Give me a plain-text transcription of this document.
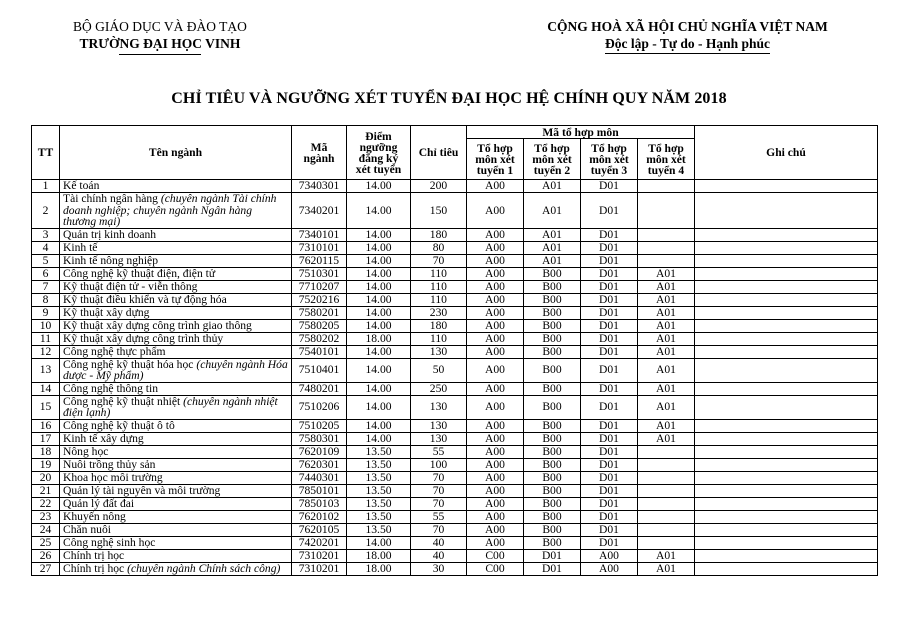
BỘ GIÁO DỤC VÀ ĐÀO TẠO
TRƯỜNG ĐẠI HỌC VINH
CỘNG HOÀ XÃ HỘI CHỦ NGHĨA VIỆT NAM
Độc lập - Tự do - Hạnh phúc
CHỈ TIÊU VÀ NGƯỠNG XÉT TUYỂN ĐẠI HỌC HỆ CHÍNH QUY NĂM 2018
TT	Tên ngành	Mã ngành	Điểm ngưỡng đăng ký xét tuyển	Chỉ tiêu	Mã tổ hợp môn				Ghi chú
					Tổ hợp môn xét tuyển 1	Tổ hợp môn xét tuyển 2	Tổ hợp môn xét tuyển 3	Tổ hợp môn xét tuyển 4	
1	Kế toán	7340301	14.00	200	A00	A01	D01		
2	Tài chính ngân hàng (chuyên ngành Tài chính doanh nghiệp; chuyên ngành Ngân hàng thương mại)	7340201	14.00	150	A00	A01	D01		
3	Quản trị kinh doanh	7340101	14.00	180	A00	A01	D01		
4	Kinh tế	7310101	14.00	80	A00	A01	D01		
5	Kinh tế nông nghiệp	7620115	14.00	70	A00	A01	D01		
6	Công nghệ kỹ thuật điện, điện tử	7510301	14.00	110	A00	B00	D01	A01	
7	Kỹ thuật điện tử - viễn thông	7710207	14.00	110	A00	B00	D01	A01	
8	Kỹ thuật điều khiển và tự động hóa	7520216	14.00	110	A00	B00	D01	A01	
9	Kỹ thuật xây dựng	7580201	14.00	230	A00	B00	D01	A01	
10	Kỹ thuật xây dựng công trình giao thông	7580205	14.00	180	A00	B00	D01	A01	
11	Kỹ thuật xây dựng công trình thủy	7580202	18.00	110	A00	B00	D01	A01	
12	Công nghệ thực phẩm	7540101	14.00	130	A00	B00	D01	A01	
13	Công nghệ kỹ thuật hóa học (chuyên ngành Hóa dược - Mỹ phẩm)	7510401	14.00	50	A00	B00	D01	A01	
14	Công nghệ thông tin	7480201	14.00	250	A00	B00	D01	A01	
15	Công nghệ kỹ thuật nhiệt (chuyên ngành nhiệt điện lạnh)	7510206	14.00	130	A00	B00	D01	A01	
16	Công nghệ kỹ thuật ô tô	7510205	14.00	130	A00	B00	D01	A01	
17	Kinh tế xây dựng	7580301	14.00	130	A00	B00	D01	A01	
18	Nông học	7620109	13.50	55	A00	B00	D01		
19	Nuôi trồng thủy sản	7620301	13.50	100	A00	B00	D01		
20	Khoa học môi trường	7440301	13.50	70	A00	B00	D01		
21	Quản lý tài nguyên và môi trường	7850101	13.50	70	A00	B00	D01		
22	Quản lý đất đai	7850103	13.50	70	A00	B00	D01		
23	Khuyến nông	7620102	13.50	55	A00	B00	D01		
24	Chăn nuôi	7620105	13.50	70	A00	B00	D01		
25	Công nghệ sinh học	7420201	14.00	40	A00	B00	D01		
26	Chính trị học	7310201	18.00	40	C00	D01	A00	A01	
27	Chính trị học (chuyên ngành Chính sách công)	7310201	18.00	30	C00	D01	A00	A01	
